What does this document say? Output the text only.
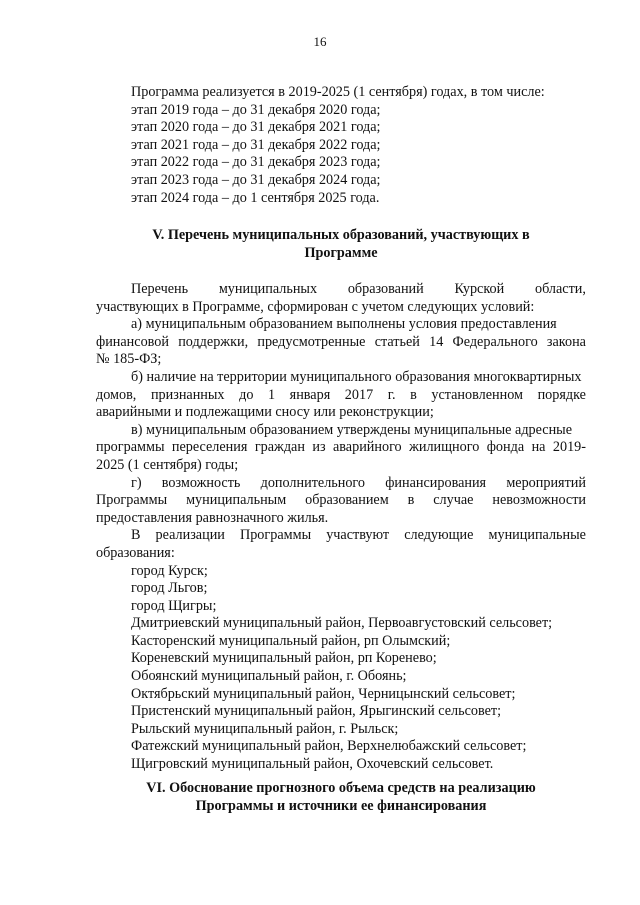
16
Программа реализуется в 2019-2025 (1 сентября) годах, в том числе:
этап 2019 года – до 31 декабря 2020 года;
этап 2020 года – до 31 декабря 2021 года;
этап 2021 года – до 31 декабря 2022 года;
этап 2022 года – до 31 декабря 2023 года;
этап 2023 года – до 31 декабря 2024 года;
этап 2024 года – до 1 сентября 2025 года.
V. Перечень муниципальных образований, участвующих в
Программе
Перечень муниципальных образований Курской области,
участвующих в Программе, сформирован с учетом следующих условий:
а) муниципальным образованием выполнены условия предоставления
финансовой поддержки, предусмотренные статьей 14 Федерального закона
№ 185-ФЗ;
б) наличие на территории муниципального образования многоквартирных
домов, признанных до 1 января 2017 г. в установленном порядке
аварийными и подлежащими сносу или реконструкции;
в) муниципальным образованием утверждены муниципальные адресные
программы переселения граждан из аварийного жилищного фонда на 2019-
2025 (1 сентября) годы;
г) возможность дополнительного финансирования мероприятий
Программы муниципальным образованием в случае невозможности
предоставления равнозначного жилья.
В реализации Программы участвуют следующие муниципальные
образования:
город Курск;
город Льгов;
город Щигры;
Дмитриевский муниципальный район, Первоавгустовский сельсовет;
Касторенский муниципальный район, рп Олымский;
Кореневский муниципальный район, рп Коренево;
Обоянский муниципальный район, г. Обоянь;
Октябрьский муниципальный район, Черницынский сельсовет;
Пристенский муниципальный район, Ярыгинский сельсовет;
Рыльский муниципальный район, г. Рыльск;
Фатежский муниципальный район, Верхнелюбажский сельсовет;
Щигровский муниципальный район, Охочевский сельсовет.
VI. Обоснование прогнозного объема средств на реализацию
Программы и источники ее финансирования
